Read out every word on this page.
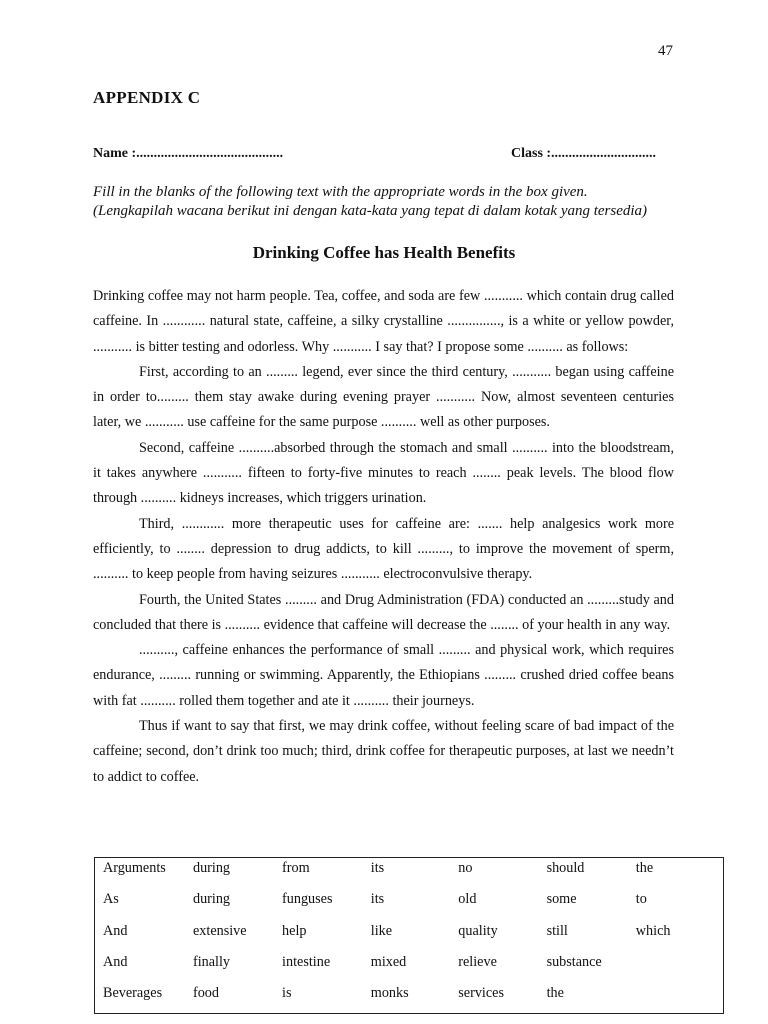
47
APPENDIX C
Name :..........................................	Class :..............................
Fill in the blanks of the following text with the appropriate words in the box given.
(Lengkapilah wacana berikut ini dengan kata-kata yang tepat di dalam kotak yang tersedia)
Drinking Coffee has Health Benefits

Drinking coffee may not harm people. Tea, coffee, and soda are few ........... which contain drug called caffeine. In ............ natural state, caffeine, a silky crystalline ..............., is a white or yellow powder, ........... is bitter testing and odorless. Why ........... I say that? I propose some .......... as follows:

First, according to an ......... legend, ever since the third century, ........... began using caffeine in order to......... them stay awake during evening prayer ........... Now, almost seventeen centuries later, we ........... use caffeine for the same purpose .......... well as other purposes.

Second, caffeine ..........absorbed through the stomach and small .......... into the bloodstream, it takes anywhere ........... fifteen to forty-five minutes to reach ........ peak levels. The blood flow through .......... kidneys increases, which triggers urination.

Third, ............ more therapeutic uses for caffeine are: ....... help analgesics work more efficiently, to ........ depression to drug addicts, to kill ........., to improve the movement of sperm, .......... to keep people from having seizures ........... electroconvulsive therapy.

Fourth, the United States ......... and Drug Administration (FDA) conducted an .........study and concluded that there is .......... evidence that caffeine will decrease the ........ of your health in any way.

.........., caffeine enhances the performance of small ......... and physical work, which requires endurance, ......... running or swimming. Apparently, the Ethiopians ......... crushed dried coffee beans with fat .......... rolled them together and ate it .......... their journeys.

Thus if want to say that first, we may drink coffee, without feeling scare of bad impact of the caffeine; second, don’t drink too much; third, drink coffee for therapeutic purposes, at last we needn’t to addict to coffee.

Arguments	during	from	its	no	should	the
As	during	funguses	its	old	some	to
And	extensive	help	like	quality	still	which
And	finally	intestine	mixed	relieve	substance	
Beverages	food	is	monks	services	the	
